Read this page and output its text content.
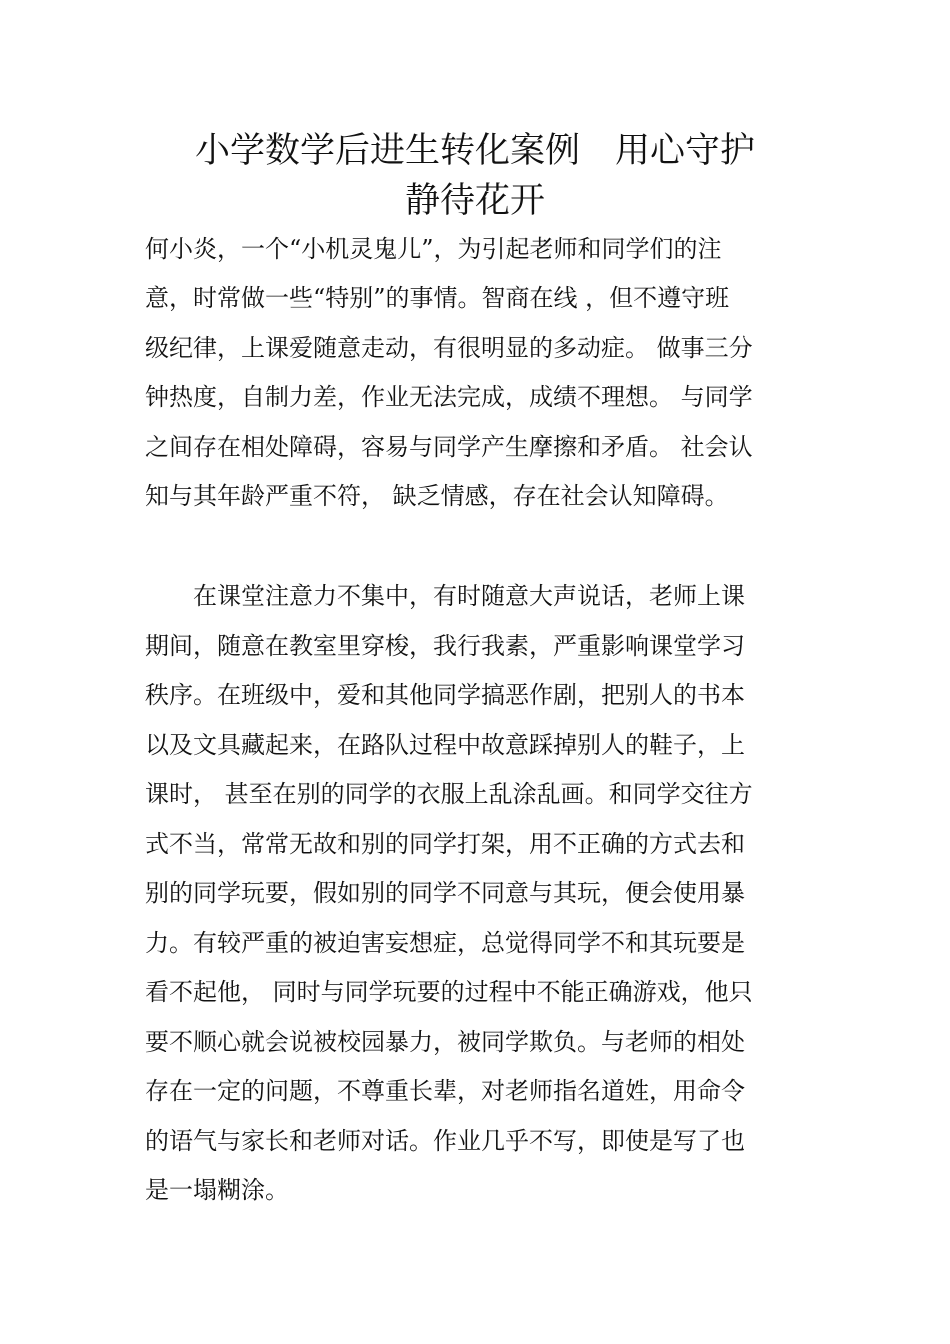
小学数学后进生转化案例　用心守护
静待花开
何小炎，一个“小机灵鬼儿”，为引起老师和同学们的注
意，时常做一些“特别”的事情。智商在线 ，但不遵守班
级纪律，上课爱随意走动，有很明显的多动症。 做事三分
钟热度，自制力差，作业无法完成，成绩不理想。 与同学
之间存在相处障碍，容易与同学产生摩擦和矛盾。 社会认
知与其年龄严重不符， 缺乏情感，存在社会认知障碍。
　　在课堂注意力不集中，有时随意大声说话，老师上课
期间，随意在教室里穿梭，我行我素，严重影响课堂学习
秩序。在班级中，爱和其他同学搞恶作剧，把别人的书本
以及文具藏起来，在路队过程中故意踩掉别人的鞋子，上
课时， 甚至在别的同学的衣服上乱涂乱画。和同学交往方
式不当，常常无故和别的同学打架，用不正确的方式去和
别的同学玩要，假如别的同学不同意与其玩，便会使用暴
力。有较严重的被迫害妄想症，总觉得同学不和其玩要是
看不起他， 同时与同学玩要的过程中不能正确游戏，他只
要不顺心就会说被校园暴力，被同学欺负。与老师的相处
存在一定的问题，不尊重长辈，对老师指名道姓，用命令
的语气与家长和老师对话。作业几乎不写，即使是写了也
是一塌糊涂。
